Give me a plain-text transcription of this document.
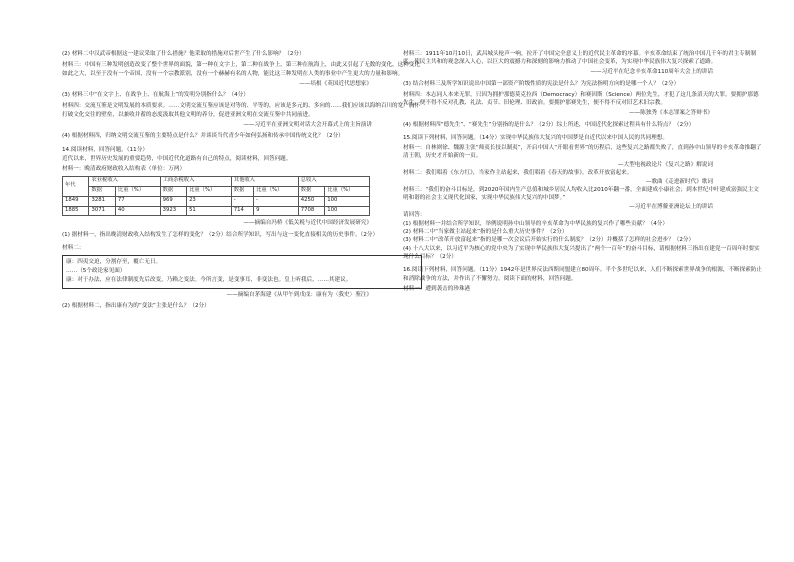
(2) 材料二中汉武帝根据这一建议采取了什么措施？他采取的措施对后世产生了什么影响？（2分）

材料三：中国有三种发明创造改变了整个世界的面貌，第一种在文字上，第二种在战争上，第三种在航海上，由此又引起了无数的变化，这种变化如此之大，以至于没有一个帝国，没有一个宗教派别，没有一个赫赫有名的人物，能比这三种发明在人类的事业中产生更大的力量和影响。

——培根《英国近代思想家》

(3) 材料三中“在文字上、在战争上、在航海上”的发明分别指什么？（4分）

材料四：交流互鉴是文明发展的本质要求。……文明交流互鉴应该是对等的、平等的，应该是多元的、多向的……我们应该以海纳百川的宽广胸怀打破文化交往的壁垒，以兼收并蓄的态度汲取其他文明的养分，促进亚洲文明在交流互鉴中共同前进。

——习近平在亚洲文明对话大会开幕式上的主旨演讲

(4) 根据材料四，归纳文明交流互鉴的主要特点是什么？并谈谈当代青少年如何弘扬和传承中国传统文化？（2分）

14.阅读材料，回答问题。（11分）

近代以来，世界历史发展的重要趋势，中国近代化道路有自己的特点，阅读材料，回答问题。

材料一：晚清政府财政收入结构表（单位：万两）

年代	农业税收入		工商杂税收入		其他收入		总收入	
	数据	比重（%）	数据	比重（%）	数据	比重（%）	数据	比重（%）
1849	3281	77	969	23	-	-	4250	100
1885	3071	40	3923	51	714	9	7708	100

——摘编自冯桥《低关税与近代中国经济发展研究》

(1) 据材料一，指出晚清财政收入结构发生了怎样的变化？（2分）结合所学知识，写出与这一变化直接相关的历史事件。（2分）

材料二：

康：四夷交迫，分割存至，覆亡无日。

……（5个政论家见面）

康：对于办法，应在法律制度先后改变，乃赖之变法。今所言变，是变事耳，非变法也。皇上听我后，……其建议。

——摘编自茅海建《从甲午到戊戌：康有为〈我史〉鉴注》

(2) 根据材料二，指出康有为的“变法”主张是什么？（2分）

材料三：1911年10月10日，武昌城头枪声一响，拉开了中国完全意义上的近代民主革命的序幕。辛亥革命结束了统治中国几千年的君主专制制度，使民主共和的观念深入人心，以巨大的震撼力和深刻的影响力推动了中国社会变革，为实现中华民族伟大复兴探索了道路。

——习近平在纪念辛亥革命110周年大会上的讲话

(3) 结合材料三及所学知识说出中国第一部资产阶级性质的宪法是什么？为宪法指明方向的是哪一个人？（2分）

材料四：本志同人本来无罪，只因为拥护那德莫克拉西（Democracy）和赛因斯（Science）两位先生，才犯了这几条滔天的大罪。要拥护那德先生，便不得不反对孔教、礼法、贞节、旧伦理、旧政治。要拥护那赛先生，便不得不反对旧艺术旧宗教。

——陈独秀《本志罪案之答辩书》

(4) 根据材料四“德先生”、“赛先生”分别指的是什么？（2分）综上所述，中国近代化探索过程具有什么特点？（2分）

15.阅读下列材料，回答问题。（14分）实现中华民族伟大复兴的中国梦是自近代以来中国人民的共同理想。

材料一：自林则徐、魏源主张“师夷长技以制夷”，开启中国人“开眼看世界”的历程后，这些复兴之路都失败了，直到孙中山领导的辛亥革命推翻了清王朝，历史才开始新的一页。

—大型电视政论片《复兴之路》解说词

材料二：我们唱着《东方红》，当家作主站起来，我们唱着《春天的故事》，改革开放富起来。

—歌曲《走进新时代》歌词

材料三：“我们的奋斗目标是，到2020年国内生产总值和城乡居民人均收入比2010年翻一番，全面建成小康社会；到本世纪中叶建成富强民主文明和谐的社会主义现代化国家，实现中华民族伟大复兴的中国梦。”

—习近平在博鳌亚洲论坛上的讲话

请回答：

(1) 根据材料一并结合所学知识，举例说明孙中山领导的辛亥革命为中华民族的复兴作了哪些贡献？（4分）

(2) 材料二中“当家做主站起来”指的是什么重大历史事件？（2分）

(3) 材料二中“改革开放富起来”指的是哪一次会议后开始实行的什么制度？（2分）并概括了怎样的社会进步？（2分）

(4) 十八大以来，以习近平为核心的党中央为了实现中华民族伟大复兴提出了“两个一百年”的奋斗目标，请根据材料三指出在建党一百周年时要实现什么目标？（2分）

16.阅读下列材料，回答问题。（11分）1942年是世界反法西斯同盟建立80周年。半个多世纪以来，人们不断探索世界战争的根源，不断探索防止和消除战争的方法，并作出了不懈努力。阅读下面的材料，回答问题。

材料一：遭到袭击的珍珠港
